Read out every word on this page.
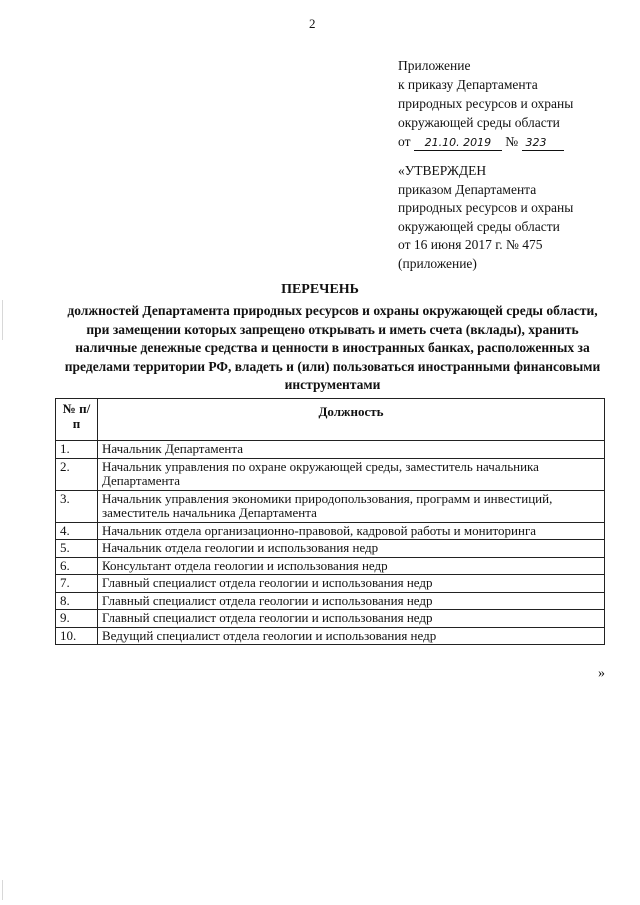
2
Приложение
к приказу Департамента
природных ресурсов и охраны
окружающей среды области
от 21.10. 2019 № 323
«УТВЕРЖДЕН
приказом Департамента
природных ресурсов и охраны
окружающей среды области
от 16 июня 2017 г. № 475
(приложение)
ПЕРЕЧЕНЬ
должностей Департамента природных ресурсов и охраны окружающей среды области, при замещении которых запрещено открывать и иметь счета (вклады), хранить наличные денежные средства и ценности в иностранных банках, расположенных за пределами территории РФ, владеть и (или) пользоваться иностранными финансовыми инструментами
№ п/п	Должность
1.	Начальник Департамента
2.	Начальник управления по охране окружающей среды, заместитель начальника Департамента
3.	Начальник управления экономики природопользования, программ и инвестиций, заместитель начальника Департамента
4.	Начальник отдела организационно-правовой, кадровой работы и мониторинга
5.	Начальник отдела геологии и использования недр
6.	Консультант отдела геологии и использования недр
7.	Главный специалист отдела геологии и использования недр
8.	Главный специалист отдела геологии и использования недр
9.	Главный специалист отдела геологии и использования недр
10.	Ведущий специалист отдела геологии и использования недр
»
